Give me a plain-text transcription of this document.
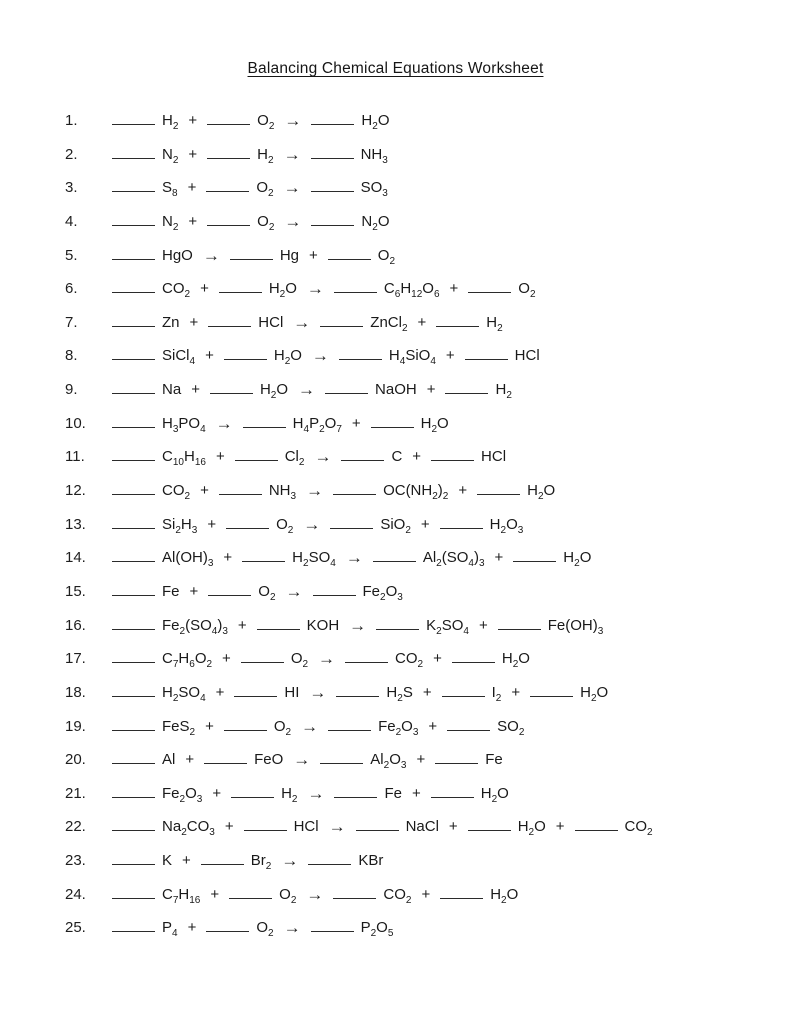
Balancing Chemical Equations Worksheet
1.	$H_2$ +	$O_2$ →	$H_2O$
2.	$N_2$ +	$H_2$ →	$NH_3$
3.	$S_8$ +	$O_2$ →	$SO_3$
4.	$N_2$ +	$O_2$ →	$N_2O$
5.	HgO →	Hg +	$O_2$
6.	$CO_2$ +	$H_2O$ →	$C_6H_{12}O_6$ +	$O_2$
7.	Zn +	HCl →	ZnCl$_2$ +	$H_2$
8.	SiCl$_4$ +	$H_2O$ →	$H_4SiO_4$ +	HCl
9.	Na +	$H_2O$ →	NaOH +	$H_2$
10.	$H_3PO_4$ →	$H_4P_2O_7$ +	$H_2O$
11.	$C_{10}H_{16}$ +	$Cl_2$ →	C +	HCl
12.	$CO_2$ +	$NH_3$ →	$OC(NH_2)_2$ +	$H_2O$
13.	$Si_2H_3$ +	$O_2$ →	SiO$_2$ +	$H_2O_3$
14.	$Al(OH)_3$ +	$H_2SO_4$ →	$Al_2(SO_4)_3$ +	$H_2O$
15.	Fe +	$O_2$ →	$Fe_2O_3$
16.	$Fe_2(SO_4)_3$ +	KOH →	$K_2SO_4$ +	$Fe(OH)_3$
17.	$C_7H_6O_2$ +	$O_2$ →	$CO_2$ +	$H_2O$
18.	$H_2SO_4$ +	HI →	$H_2S$ +	$I_2$ +	$H_2O$
19.	FeS$_2$ +	$O_2$ →	$Fe_2O_3$ +	$SO_2$
20.	Al +	FeO →	$Al_2O_3$ +	Fe
21.	$Fe_2O_3$ +	$H_2$ →	Fe +	$H_2O$
22.	$Na_2CO_3$ +	HCl →	NaCl +	$H_2O$ +	$CO_2$
23.	K +	$Br_2$ →	KBr
24.	$C_7H_{16}$ +	$O_2$ →	$CO_2$ +	$H_2O$
25.	$P_4$ +	$O_2$ →	$P_2O_5$
